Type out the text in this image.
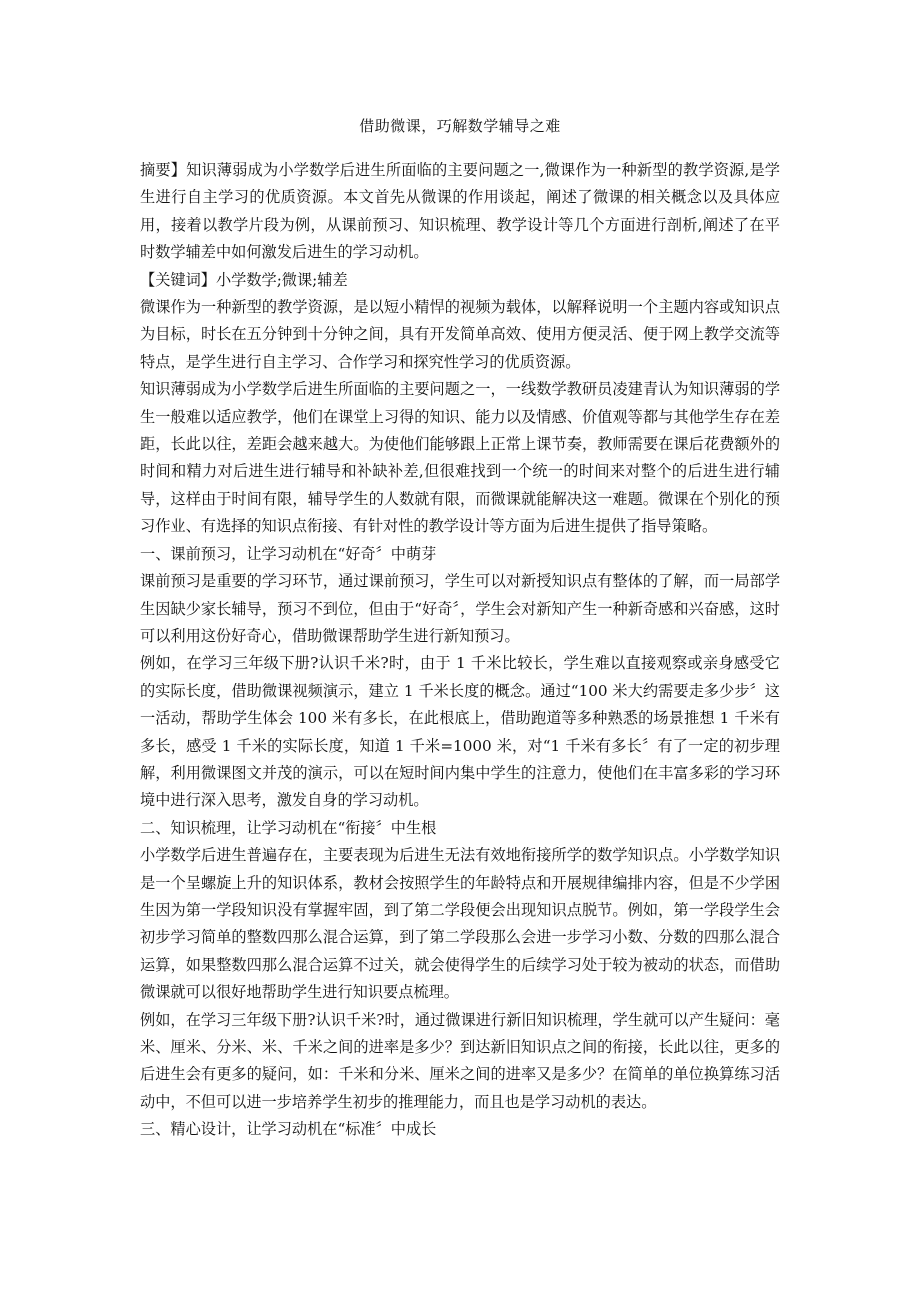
借助微课，巧解数学辅导之难

摘要】知识薄弱成为小学数学后进生所面临的主要问题之一,微课作为一种新型的教学资源,是学生进行自主学习的优质资源。本文首先从微课的作用谈起，阐述了微课的相关概念以及具体应用，接着以教学片段为例，从课前预习、知识梳理、教学设计等几个方面进行剖析,阐述了在平时数学辅差中如何激发后进生的学习动机。

【关键词】小学数学;微课;辅差

微课作为一种新型的教学资源，是以短小精悍的视频为载体，以解释说明一个主题内容或知识点为目标，时长在五分钟到十分钟之间，具有开发简单高效、使用方便灵活、便于网上教学交流等特点，是学生进行自主学习、合作学习和探究性学习的优质资源。

知识薄弱成为小学数学后进生所面临的主要问题之一，一线数学教研员凌建青认为知识薄弱的学生一般难以适应教学，他们在课堂上习得的知识、能力以及情感、价值观等都与其他学生存在差距，长此以往，差距会越来越大。为使他们能够跟上正常上课节奏，教师需要在课后花费额外的时间和精力对后进生进行辅导和补缺补差,但很难找到一个统一的时间来对整个的后进生进行辅导，这样由于时间有限，辅导学生的人数就有限，而微课就能解决这一难题。微课在个别化的预习作业、有选择的知识点衔接、有针对性的教学设计等方面为后进生提供了指导策略。

一、课前预习，让学习动机在“好奇〞中萌芽

课前预习是重要的学习环节，通过课前预习，学生可以对新授知识点有整体的了解，而一局部学生因缺少家长辅导，预习不到位，但由于“好奇〞，学生会对新知产生一种新奇感和兴奋感，这时可以利用这份好奇心，借助微课帮助学生进行新知预习。

例如，在学习三年级下册?认识千米?时，由于 1 千米比较长，学生难以直接观察或亲身感受它的实际长度，借助微课视频演示，建立 1 千米长度的概念。通过“100 米大约需要走多少步〞这一活动，帮助学生体会 100 米有多长，在此根底上，借助跑道等多种熟悉的场景推想 1 千米有多长，感受 1 千米的实际长度，知道 1 千米=1000 米，对“1 千米有多长〞有了一定的初步理解，利用微课图文并茂的演示，可以在短时间内集中学生的注意力，使他们在丰富多彩的学习环境中进行深入思考，激发自身的学习动机。

二、知识梳理，让学习动机在“衔接〞中生根

小学数学后进生普遍存在，主要表现为后进生无法有效地衔接所学的数学知识点。小学数学知识是一个呈螺旋上升的知识体系，教材会按照学生的年龄特点和开展规律编排内容，但是不少学困生因为第一学段知识没有掌握牢固，到了第二学段便会出现知识点脱节。例如，第一学段学生会初步学习简单的整数四那么混合运算，到了第二学段那么会进一步学习小数、分数的四那么混合运算，如果整数四那么混合运算不过关，就会使得学生的后续学习处于较为被动的状态，而借助微课就可以很好地帮助学生进行知识要点梳理。

例如，在学习三年级下册?认识千米?时，通过微课进行新旧知识梳理，学生就可以产生疑问：毫米、厘米、分米、米、千米之间的进率是多少？到达新旧知识点之间的衔接，长此以往，更多的后进生会有更多的疑问，如：千米和分米、厘米之间的进率又是多少？在简单的单位换算练习活动中，不但可以进一步培养学生初步的推理能力，而且也是学习动机的表达。

三、精心设计，让学习动机在“标准〞中成长
